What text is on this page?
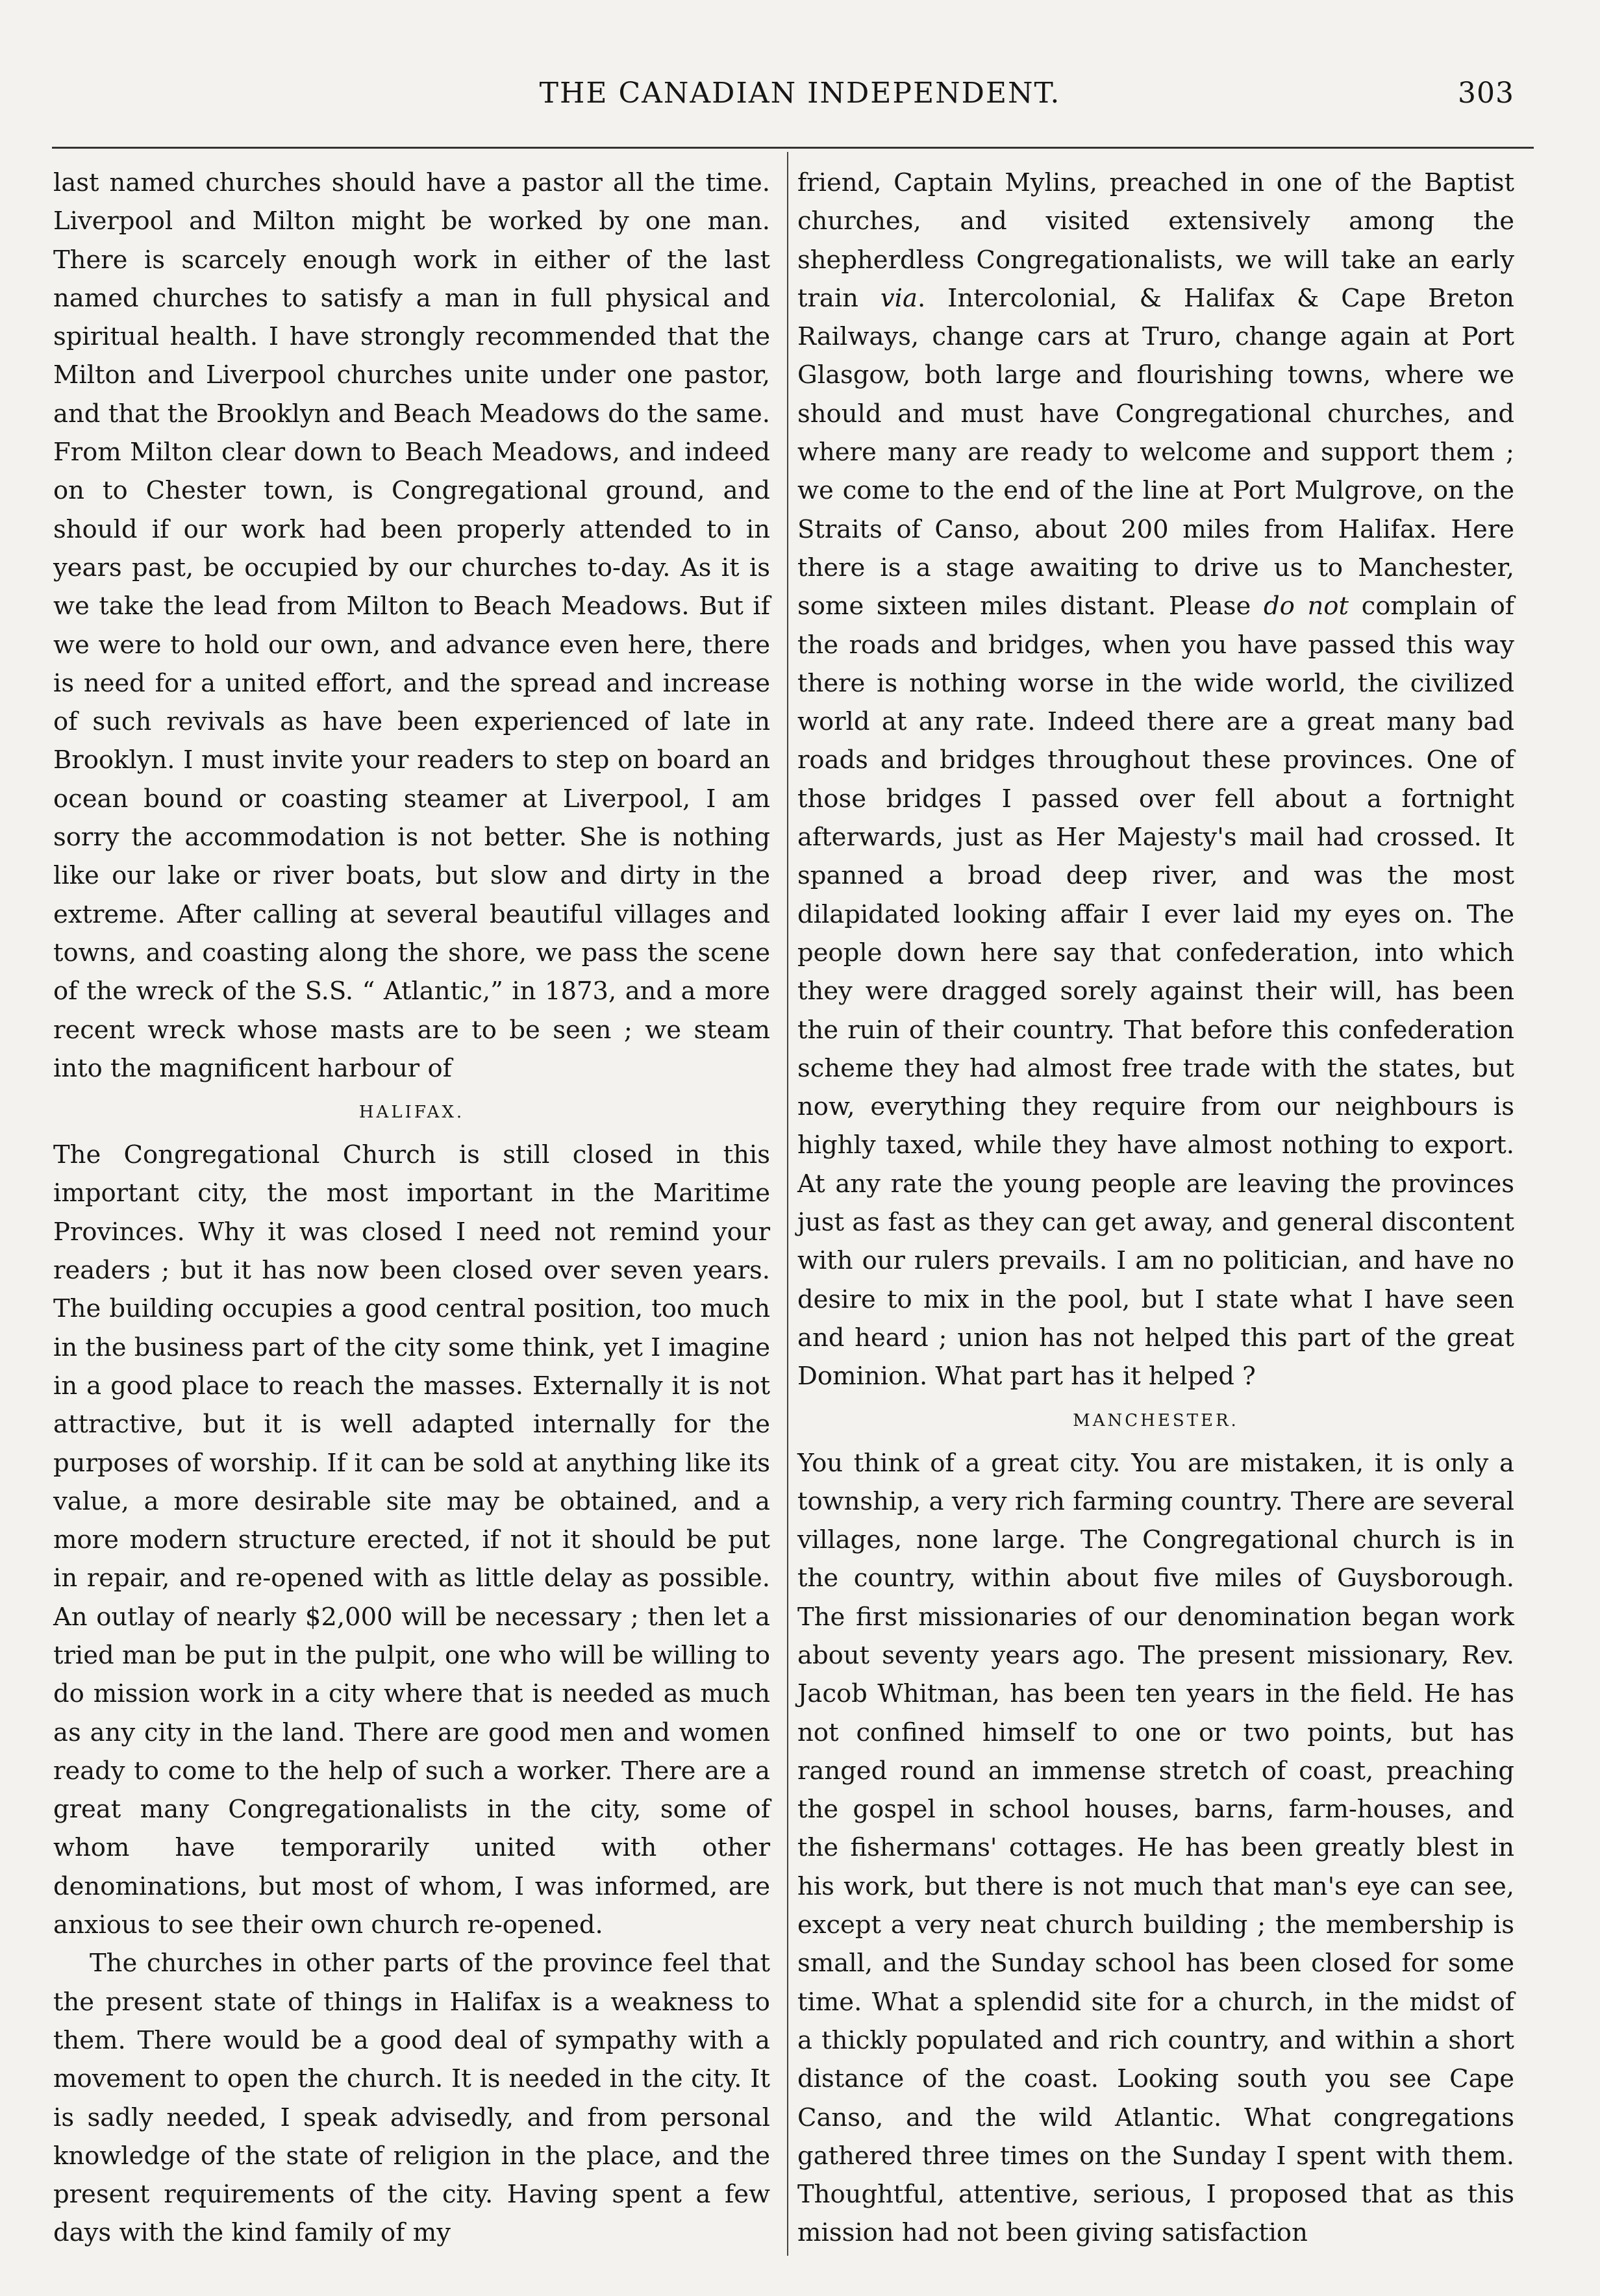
THE CANADIAN INDEPENDENT.	303

last named churches should have a pastor all the time. Liverpool and Milton might be worked by one man. There is scarcely enough work in either of the last named churches to satisfy a man in full physical and spiritual health. I have strongly recommended that the Milton and Liverpool churches unite under one pastor, and that the Brooklyn and Beach Meadows do the same. From Milton clear down to Beach Meadows, and indeed on to Chester town, is Congregational ground, and should if our work had been properly attended to in years past, be occupied by our churches to-day. As it is we take the lead from Milton to Beach Meadows. But if we were to hold our own, and advance even here, there is need for a united effort, and the spread and increase of such revivals as have been experienced of late in Brooklyn. I must invite your readers to step on board an ocean bound or coasting steamer at Liverpool, I am sorry the accommodation is not better. She is nothing like our lake or river boats, but slow and dirty in the extreme. After calling at several beautiful villages and towns, and coasting along the shore, we pass the scene of the wreck of the S.S. “ Atlantic,” in 1873, and a more recent wreck whose masts are to be seen ; we steam into the magnificent harbour of

HALIFAX.

The Congregational Church is still closed in this important city, the most important in the Maritime Provinces. Why it was closed I need not remind your readers ; but it has now been closed over seven years. The building occupies a good central position, too much in the business part of the city some think, yet I imagine in a good place to reach the masses. Externally it is not attractive, but it is well adapted internally for the purposes of worship. If it can be sold at anything like its value, a more desirable site may be obtained, and a more modern structure erected, if not it should be put in repair, and re-opened with as little delay as possible. An outlay of nearly $2,000 will be necessary ; then let a tried man be put in the pulpit, one who will be willing to do mission work in a city where that is needed as much as any city in the land. There are good men and women ready to come to the help of such a worker. There are a great many Congregationalists in the city, some of whom have temporarily united with other denominations, but most of whom, I was informed, are anxious to see their own church re-opened.

The churches in other parts of the province feel that the present state of things in Halifax is a weakness to them. There would be a good deal of sympathy with a movement to open the church. It is needed in the city. It is sadly needed, I speak advisedly, and from personal knowledge of the state of religion in the place, and the present requirements of the city. Having spent a few days with the kind family of my

friend, Captain Mylins, preached in one of the Baptist churches, and visited extensively among the shepherdless Congregationalists, we will take an early train via. Intercolonial, & Halifax & Cape Breton Railways, change cars at Truro, change again at Port Glasgow, both large and flourishing towns, where we should and must have Congregational churches, and where many are ready to welcome and support them ; we come to the end of the line at Port Mulgrove, on the Straits of Canso, about 200 miles from Halifax. Here there is a stage awaiting to drive us to Manchester, some sixteen miles distant. Please do not complain of the roads and bridges, when you have passed this way there is nothing worse in the wide world, the civilized world at any rate. Indeed there are a great many bad roads and bridges throughout these provinces. One of those bridges I passed over fell about a fortnight afterwards, just as Her Majesty's mail had crossed. It spanned a broad deep river, and was the most dilapidated looking affair I ever laid my eyes on. The people down here say that confederation, into which they were dragged sorely against their will, has been the ruin of their country. That before this confederation scheme they had almost free trade with the states, but now, everything they require from our neighbours is highly taxed, while they have almost nothing to export. At any rate the young people are leaving the provinces just as fast as they can get away, and general discontent with our rulers prevails. I am no politician, and have no desire to mix in the pool, but I state what I have seen and heard ; union has not helped this part of the great Dominion. What part has it helped ?

MANCHESTER.

You think of a great city. You are mistaken, it is only a township, a very rich farming country. There are several villages, none large. The Congregational church is in the country, within about five miles of Guysborough. The first missionaries of our denomination began work about seventy years ago. The present missionary, Rev. Jacob Whitman, has been ten years in the field. He has not confined himself to one or two points, but has ranged round an immense stretch of coast, preaching the gospel in school houses, barns, farm-houses, and the fishermans' cottages. He has been greatly blest in his work, but there is not much that man's eye can see, except a very neat church building ; the membership is small, and the Sunday school has been closed for some time. What a splendid site for a church, in the midst of a thickly populated and rich country, and within a short distance of the coast. Looking south you see Cape Canso, and the wild Atlantic. What congregations gathered three times on the Sunday I spent with them. Thoughtful, attentive, serious, I proposed that as this mission had not been giving satisfaction
